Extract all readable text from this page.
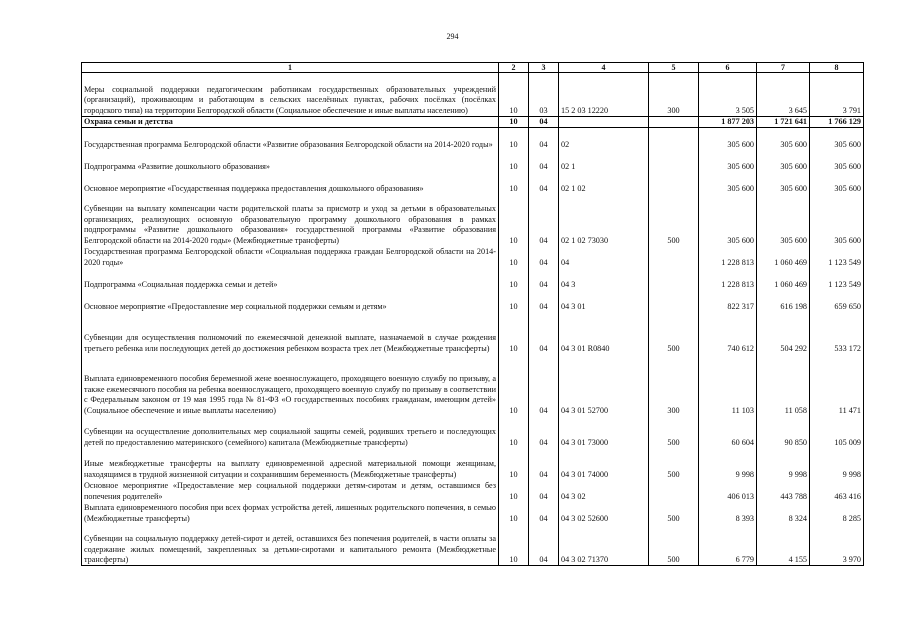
294
1	2	3	4	5	6	7	8
Меры социальной поддержки педагогическим работникам государственных образовательных учреждений (организаций), проживающим и работающим в сельских населённых пунктах, рабочих посёлках (посёлках городского типа) на территории Белгородской области (Социальное обеспечение и иные выплаты населению)	10	03	15 2 03 12220	300	3 505	3 645	3 791
Охрана семьи и детства	10	04			1 877 203	1 721 641	1 766 129
Государственная программа Белгородской области «Развитие образования Белгородской области на 2014-2020 годы»	10	04	02		305 600	305 600	305 600
Подпрограмма «Развитие дошкольного образования»	10	04	02 1		305 600	305 600	305 600
Основное мероприятие «Государственная поддержка предоставления дошкольного образования»	10	04	02 1 02		305 600	305 600	305 600
Субвенции на выплату компенсации части родительской платы за присмотр и уход за детьми в образовательных организациях, реализующих основную образовательную программу дошкольного образования в рамках подпрограммы «Развитие дошкольного образования» государственной программы «Развитие образования Белгородской области на 2014-2020 годы» (Межбюджетные трансферты)	10	04	02 1 02 73030	500	305 600	305 600	305 600
Государственная программа Белгородской области «Социальная поддержка граждан Белгородской области на 2014-2020 годы»	10	04	04		1 228 813	1 060 469	1 123 549
Подпрограмма «Социальная поддержка семьи и детей»	10	04	04 3		1 228 813	1 060 469	1 123 549
Основное мероприятие «Предоставление мер социальной поддержки семьям и детям»	10	04	04 3 01		822 317	616 198	659 650
Субвенции для осуществления полномочий по ежемесячной денежной выплате, назначаемой в случае рождения третьего ребенка или последующих детей до достижения ребенком возраста трех лет (Межбюджетные трансферты)	10	04	04 3 01 R0840	500	740 612	504 292	533 172
Выплата единовременного пособия беременной жене военнослужащего, проходящего военную службу по призыву, а также ежемесячного пособия на ребенка военнослужащего, проходящего военную службу по призыву в соответствии с Федеральным законом от 19 мая 1995 года № 81-ФЗ «О государственных пособиях гражданам, имеющим детей» (Социальное обеспечение и иные выплаты населению)	10	04	04 3 01 52700	300	11 103	11 058	11 471
Субвенции на осуществление дополнительных мер социальной защиты семей, родивших третьего и последующих детей по предоставлению материнского (семейного) капитала (Межбюджетные трансферты)	10	04	04 3 01 73000	500	60 604	90 850	105 009
Иные межбюджетные трансферты на выплату единовременной адресной материальной помощи женщинам, находящимся в трудной жизненной ситуации и сохранившим беременность (Межбюджетные трансферты)	10	04	04 3 01 74000	500	9 998	9 998	9 998
Основное мероприятие «Предоставление мер социальной поддержки детям-сиротам и детям, оставшимся без попечения родителей»	10	04	04 3 02		406 013	443 788	463 416
Выплата единовременного пособия при всех формах устройства детей, лишенных родительского попечения, в семью (Межбюджетные трансферты)	10	04	04 3 02 52600	500	8 393	8 324	8 285
Субвенции на социальную поддержку детей-сирот и детей, оставшихся без попечения родителей, в части оплаты за содержание жилых помещений, закрепленных за детьми-сиротами и капитального ремонта (Межбюджетные трансферты)	10	04	04 3 02 71370	500	6 779	4 155	3 970
